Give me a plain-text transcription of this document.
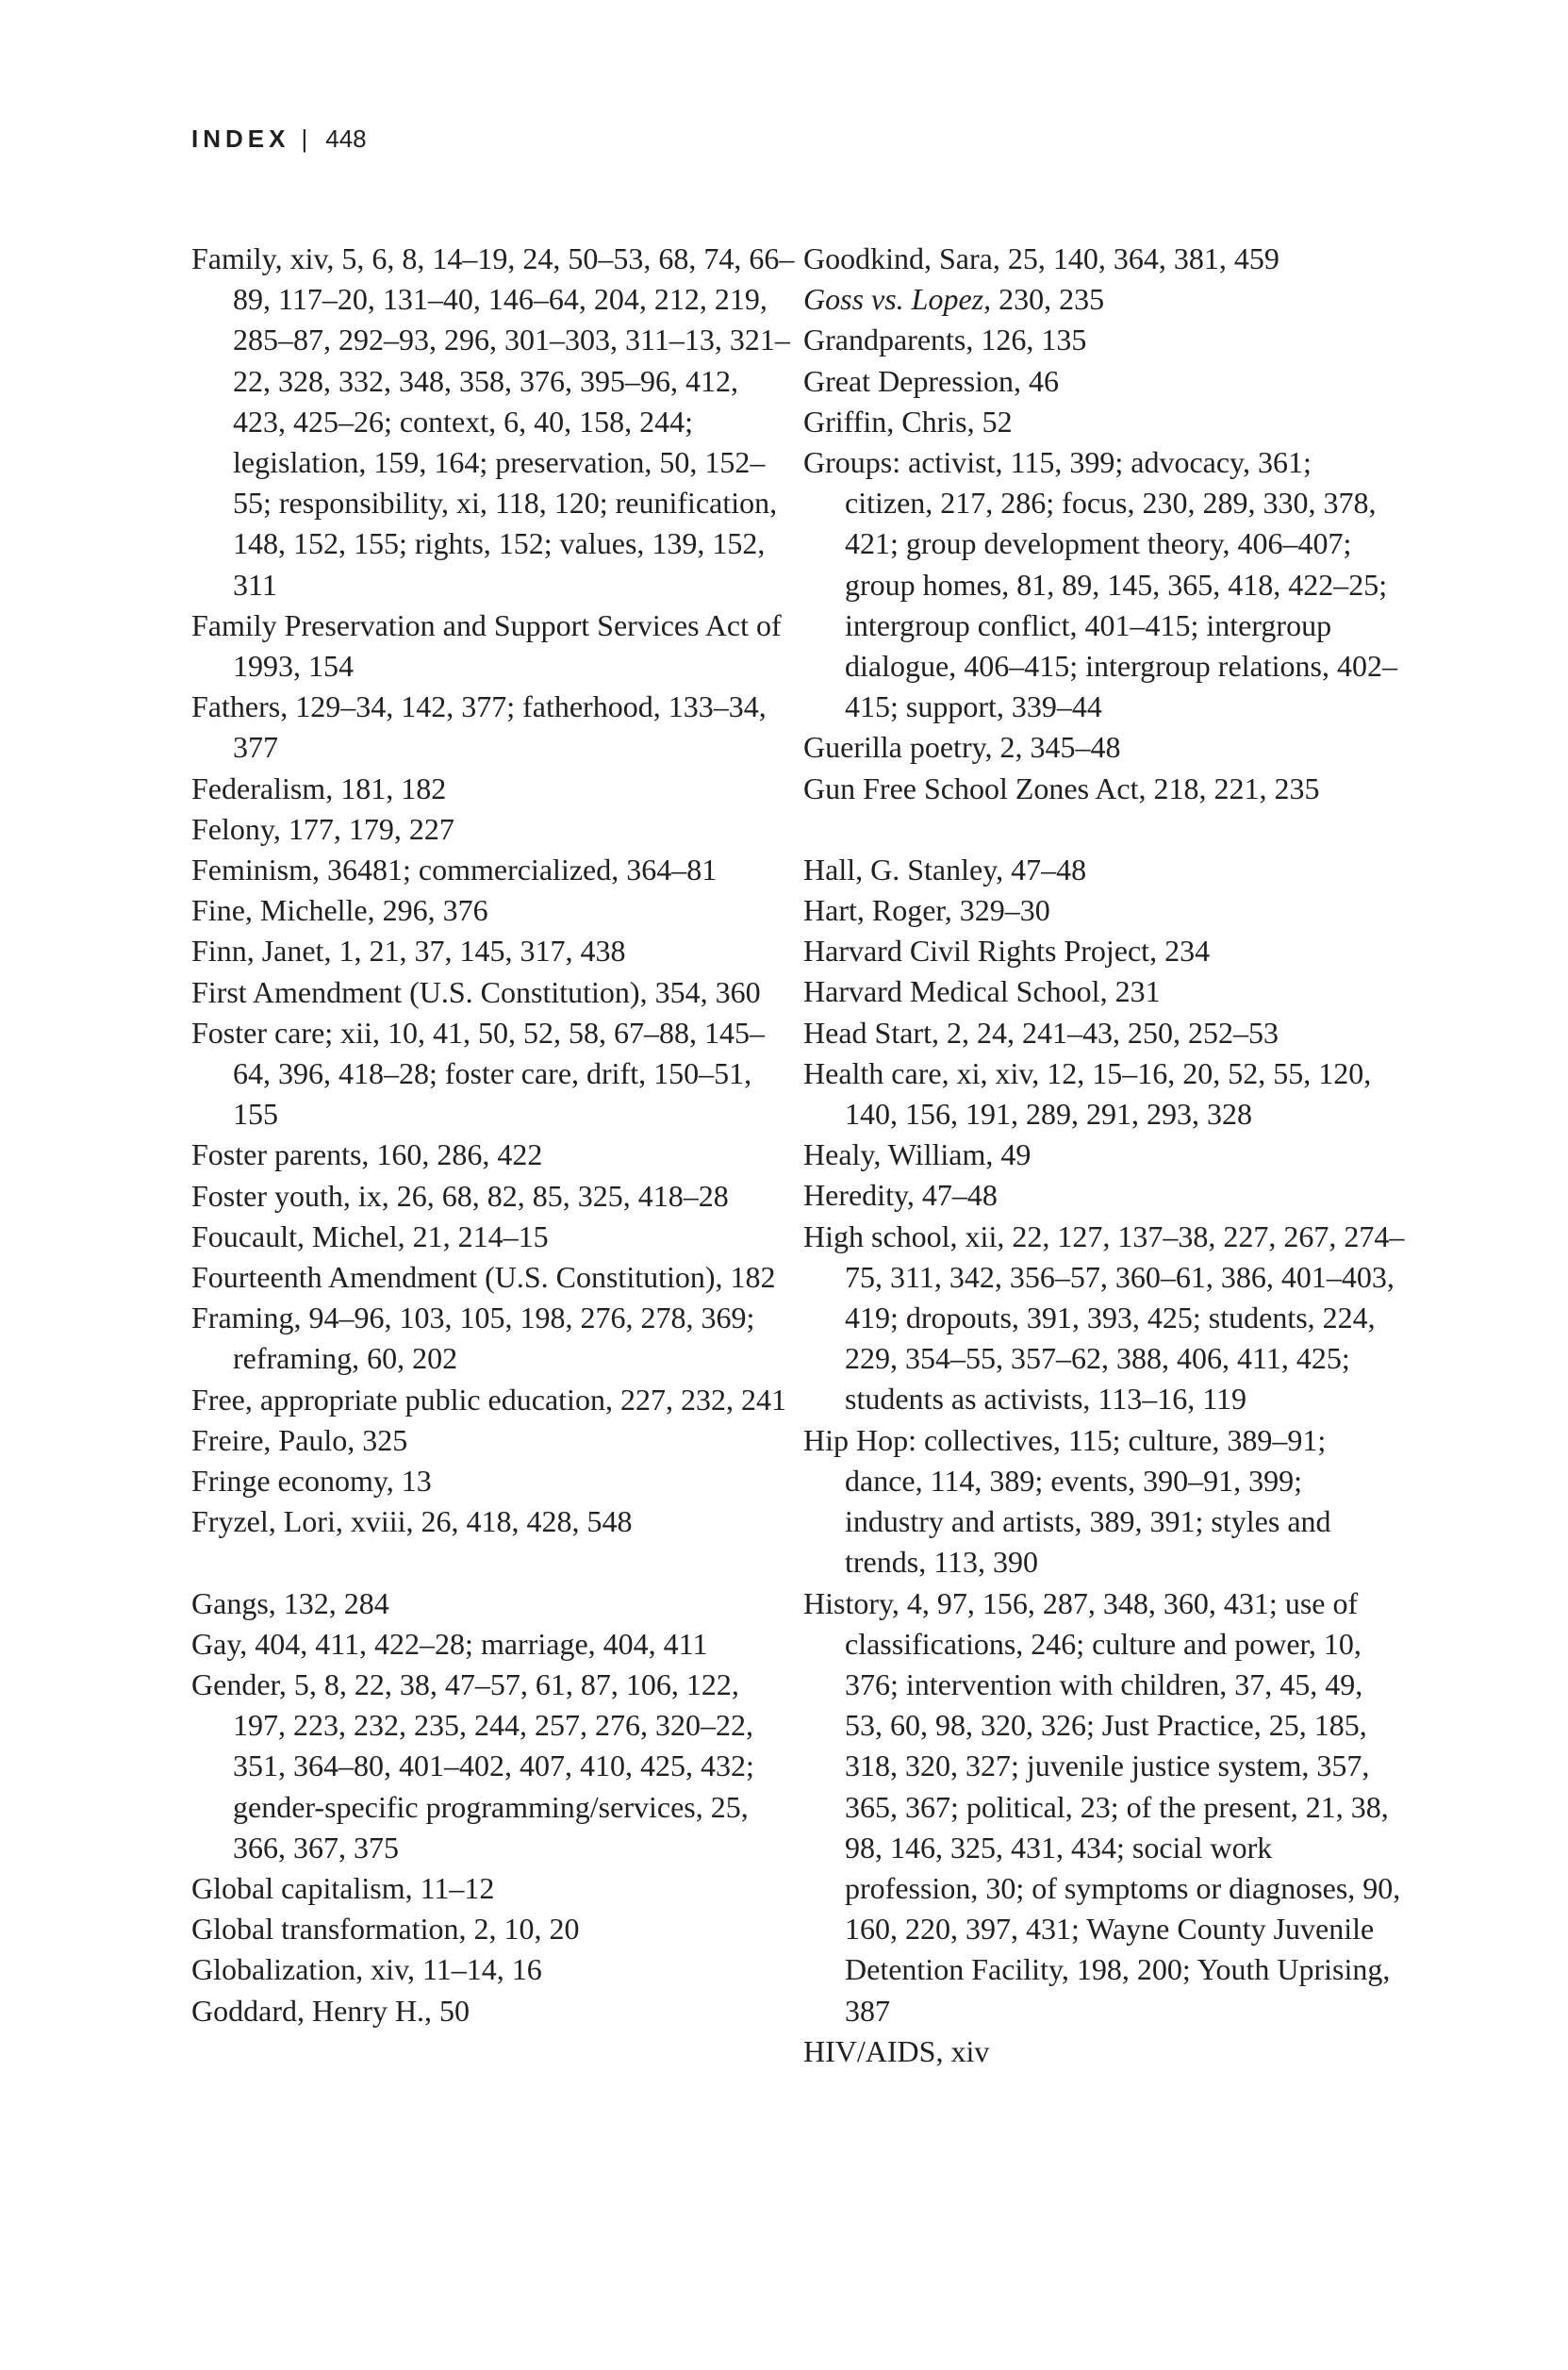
INDEX | 448

Family, xiv, 5, 6, 8, 14–19, 24, 50–53, 68, 74, 66–89, 117–20, 131–40, 146–64, 204, 212, 219, 285–87, 292–93, 296, 301–303, 311–13, 321–22, 328, 332, 348, 358, 376, 395–96, 412, 423, 425–26; context, 6, 40, 158, 244; legislation, 159, 164; preservation, 50, 152–55; responsibility, xi, 118, 120; reunification, 148, 152, 155; rights, 152; values, 139, 152, 311

Family Preservation and Support Services Act of 1993, 154

Fathers, 129–34, 142, 377; fatherhood, 133–34, 377

Federalism, 181, 182

Felony, 177, 179, 227

Feminism, 36481; commercialized, 364–81

Fine, Michelle, 296, 376

Finn, Janet, 1, 21, 37, 145, 317, 438

First Amendment (U.S. Constitution), 354, 360

Foster care; xii, 10, 41, 50, 52, 58, 67–88, 145–64, 396, 418–28; foster care, drift, 150–51, 155

Foster parents, 160, 286, 422

Foster youth, ix, 26, 68, 82, 85, 325, 418–28

Foucault, Michel, 21, 214–15

Fourteenth Amendment (U.S. Constitution), 182

Framing, 94–96, 103, 105, 198, 276, 278, 369; reframing, 60, 202

Free, appropriate public education, 227, 232, 241

Freire, Paulo, 325

Fringe economy, 13

Fryzel, Lori, xviii, 26, 418, 428, 548

Gangs, 132, 284

Gay, 404, 411, 422–28; marriage, 404, 411

Gender, 5, 8, 22, 38, 47–57, 61, 87, 106, 122, 197, 223, 232, 235, 244, 257, 276, 320–22, 351, 364–80, 401–402, 407, 410, 425, 432; gender-specific programming/services, 25, 366, 367, 375

Global capitalism, 11–12

Global transformation, 2, 10, 20

Globalization, xiv, 11–14, 16

Goddard, Henry H., 50

Goodkind, Sara, 25, 140, 364, 381, 459

Goss vs. Lopez, 230, 235

Grandparents, 126, 135

Great Depression, 46

Griffin, Chris, 52

Groups: activist, 115, 399; advocacy, 361; citizen, 217, 286; focus, 230, 289, 330, 378, 421; group development theory, 406–407; group homes, 81, 89, 145, 365, 418, 422–25; intergroup conflict, 401–415; intergroup dialogue, 406–415; intergroup relations, 402–415; support, 339–44

Guerilla poetry, 2, 345–48

Gun Free School Zones Act, 218, 221, 235

Hall, G. Stanley, 47–48

Hart, Roger, 329–30

Harvard Civil Rights Project, 234

Harvard Medical School, 231

Head Start, 2, 24, 241–43, 250, 252–53

Health care, xi, xiv, 12, 15–16, 20, 52, 55, 120, 140, 156, 191, 289, 291, 293, 328

Healy, William, 49

Heredity, 47–48

High school, xii, 22, 127, 137–38, 227, 267, 274–75, 311, 342, 356–57, 360–61, 386, 401–403, 419; dropouts, 391, 393, 425; students, 224, 229, 354–55, 357–62, 388, 406, 411, 425; students as activists, 113–16, 119

Hip Hop: collectives, 115; culture, 389–91; dance, 114, 389; events, 390–91, 399; industry and artists, 389, 391; styles and trends, 113, 390

History, 4, 97, 156, 287, 348, 360, 431; use of classifications, 246; culture and power, 10, 376; intervention with children, 37, 45, 49, 53, 60, 98, 320, 326; Just Practice, 25, 185, 318, 320, 327; juvenile justice system, 357, 365, 367; political, 23; of the present, 21, 38, 98, 146, 325, 431, 434; social work profession, 30; of symptoms or diagnoses, 90, 160, 220, 397, 431; Wayne County Juvenile Detention Facility, 198, 200; Youth Uprising, 387

HIV/AIDS, xiv
